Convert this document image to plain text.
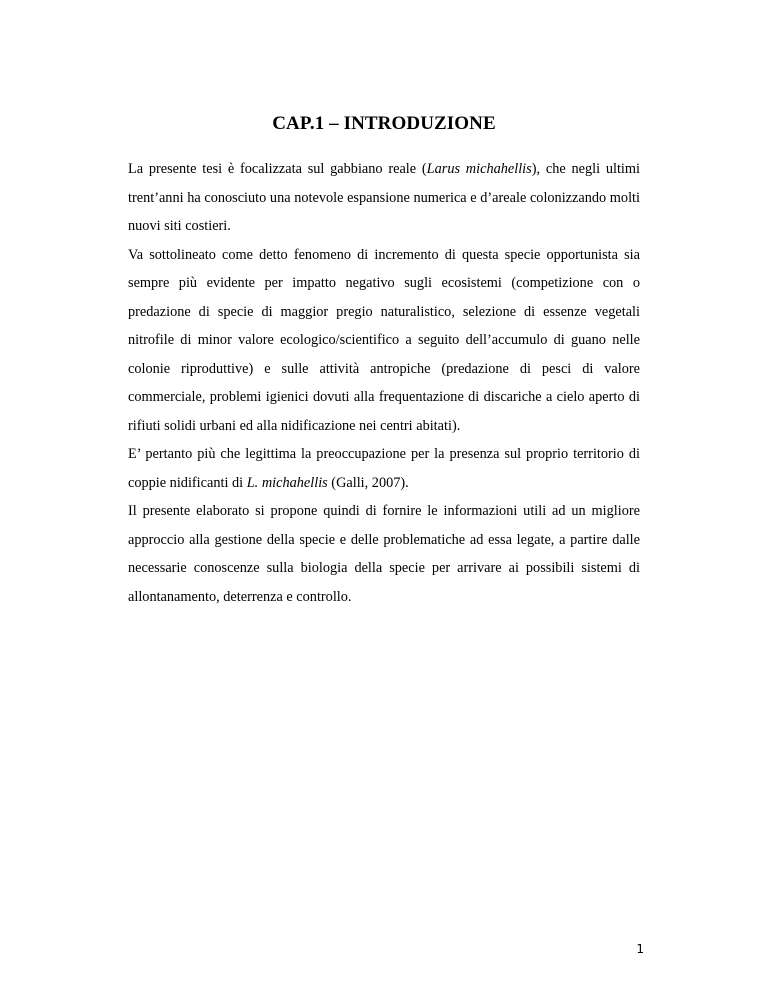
CAP.1 – INTRODUZIONE

La presente tesi è focalizzata sul gabbiano reale (Larus michahellis), che negli ultimi trent’anni ha conosciuto una notevole espansione numerica e d’areale colonizzando molti nuovi siti costieri.

Va sottolineato come detto fenomeno di incremento di questa specie opportunista sia sempre più evidente per impatto negativo sugli ecosistemi (competizione con o predazione di specie di maggior pregio naturalistico, selezione di essenze vegetali nitrofile di minor valore ecologico/scientifico a seguito dell’accumulo di guano nelle colonie riproduttive) e sulle attività antropiche (predazione di pesci di valore commerciale, problemi igienici dovuti alla frequentazione di discariche a cielo aperto di rifiuti solidi urbani ed alla nidificazione nei centri abitati).

E’ pertanto più che legittima la preoccupazione per la presenza sul proprio territorio di coppie nidificanti di L. michahellis (Galli, 2007).

Il presente elaborato si propone quindi di fornire le informazioni utili ad un migliore approccio alla gestione della specie e delle problematiche ad essa legate, a partire dalle necessarie conoscenze sulla biologia della specie per arrivare ai possibili sistemi di allontanamento, deterrenza e controllo.

1
